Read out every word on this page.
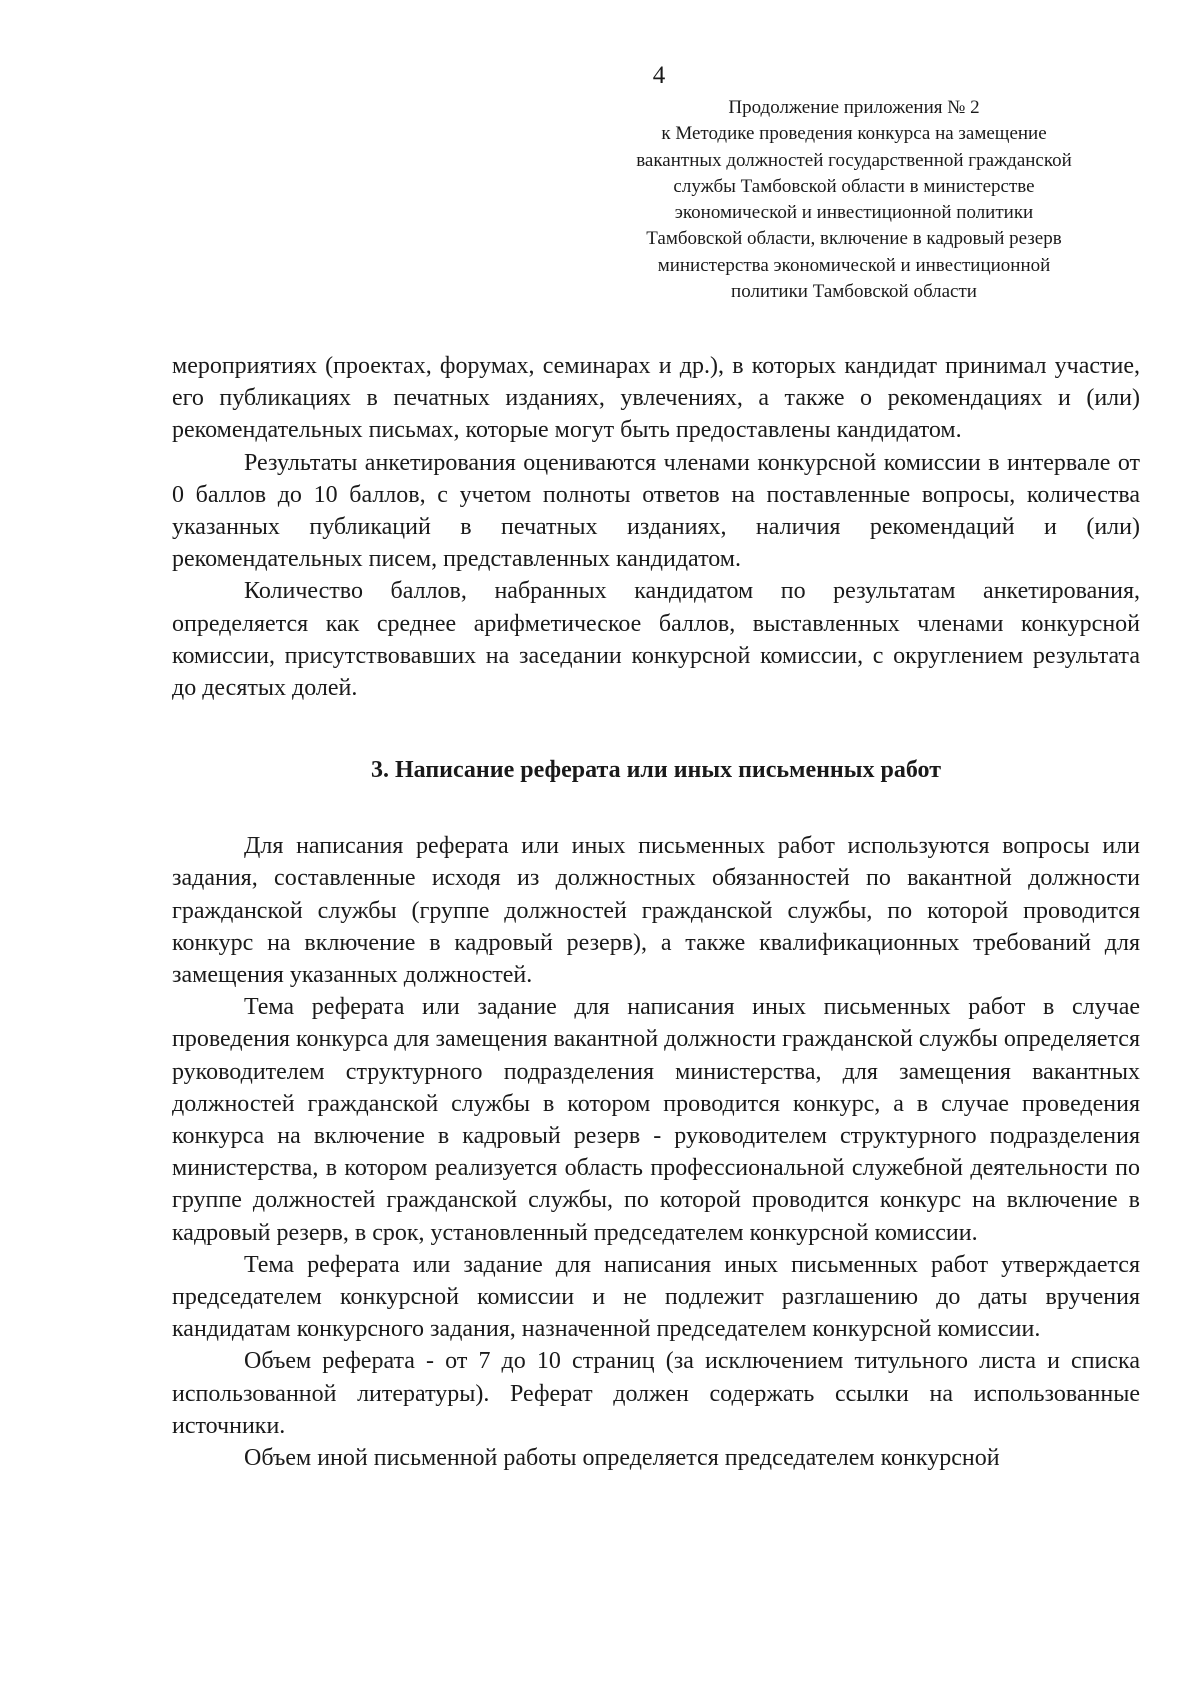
4
Продолжение приложения № 2
к Методике проведения конкурса на замещение
вакантных должностей государственной гражданской
службы Тамбовской области в министерстве
экономической и инвестиционной политики
Тамбовской области, включение в кадровый резерв
министерства экономической и инвестиционной
политики Тамбовской области

мероприятиях (проектах, форумах, семинарах и др.), в которых кандидат принимал участие, его публикациях в печатных изданиях, увлечениях, а также о рекомендациях и (или) рекомендательных письмах, которые могут быть предоставлены кандидатом.

Результаты анкетирования оцениваются членами конкурсной комиссии в интервале от 0 баллов до 10 баллов, с учетом полноты ответов на поставленные вопросы, количества указанных публикаций в печатных изданиях, наличия рекомендаций и (или) рекомендательных писем, представленных кандидатом.

Количество баллов, набранных кандидатом по результатам анкетирования, определяется как среднее арифметическое баллов, выставленных членами конкурсной комиссии, присутствовавших на заседании конкурсной комиссии, с округлением результата до десятых долей.

3. Написание реферата или иных письменных работ

Для написания реферата или иных письменных работ используются вопросы или задания, составленные исходя из должностных обязанностей по вакантной должности гражданской службы (группе должностей гражданской службы, по которой проводится конкурс на включение в кадровый резерв), а также квалификационных требований для замещения указанных должностей.

Тема реферата или задание для написания иных письменных работ в случае проведения конкурса для замещения вакантной должности гражданской службы определяется руководителем структурного подразделения министерства, для замещения вакантных должностей гражданской службы в котором проводится конкурс, а в случае проведения конкурса на включение в кадровый резерв - руководителем структурного подразделения министерства, в котором реализуется область профессиональной служебной деятельности по группе должностей гражданской службы, по которой проводится конкурс на включение в кадровый резерв, в срок, установленный председателем конкурсной комиссии.

Тема реферата или задание для написания иных письменных работ утверждается председателем конкурсной комиссии и не подлежит разглашению до даты вручения кандидатам конкурсного задания, назначенной председателем конкурсной комиссии.

Объем реферата - от 7 до 10 страниц (за исключением титульного листа и списка использованной литературы). Реферат должен содержать ссылки на использованные источники.

Объем иной письменной работы определяется председателем конкурсной
